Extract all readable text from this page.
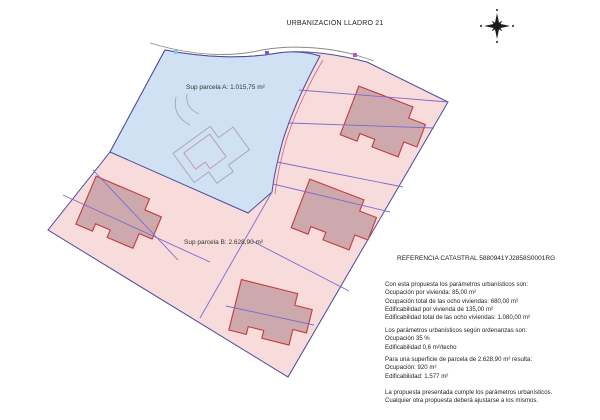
URBANIZACION LLADRO 21
Sup parcela A: 1.015,75 m²
Sup parcela B: 2.628,90 m²
REFERENCIA CATASTRAL 5880941YJ2858S0001RG
Con esta propuesta los parámetros urbanísticos son:
Ocupación por vivienda: 85,00 m²
Ocupación total de las ocho viviendas: 680,00 m²
Edificabilidad por vivienda de 135,00 m²
Edificabilidad total de las ocho viviendas: 1.080,00 m²
Los parámetros urbanísticos según ordenanzas son:
Ocupación 35 %
Edificabilidad 0,6 m²/techo
Para una superficie de parcela de 2.628,90 m² resulta:
Ocupación: 920 m²
Edificabilidad: 1.577 m²
La propuesta presentada cumple los parámetros urbanísticos.
Cualquier otra propuesta deberá ajustarse a los mismos.
